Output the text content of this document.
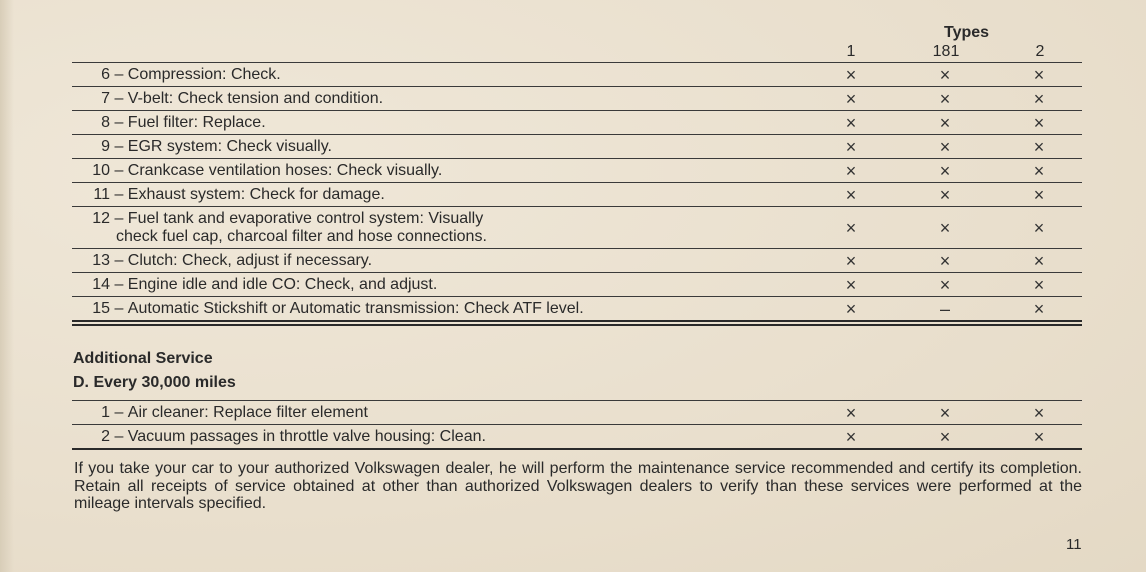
Types
1	181	2
6 – Compression: Check.	×	×	×
7 – V-belt: Check tension and condition.	×	×	×
8 – Fuel filter: Replace.	×	×	×
9 – EGR system: Check visually.	×	×	×
10 – Crankcase ventilation hoses: Check visually.	×	×	×
11 – Exhaust system: Check for damage.	×	×	×
12 – Fuel tank and evaporative control system: Visually
check fuel cap, charcoal filter and hose connections.	×	×	×
13 – Clutch: Check, adjust if necessary.	×	×	×
14 – Engine idle and idle CO: Check, and adjust.	×	×	×
15 – Automatic Stickshift or Automatic transmission: Check ATF level.	×	–	×
Additional Service
D. Every 30,000 miles
1 – Air cleaner: Replace filter element	×	×	×
2 – Vacuum passages in throttle valve housing: Clean.	×	×	×
If you take your car to your authorized Volkswagen dealer, he will perform the maintenance service recommended and certify its completion. Retain all receipts of service obtained at other than authorized Volkswagen dealers to verify than these services were performed at the mileage intervals specified.
11
